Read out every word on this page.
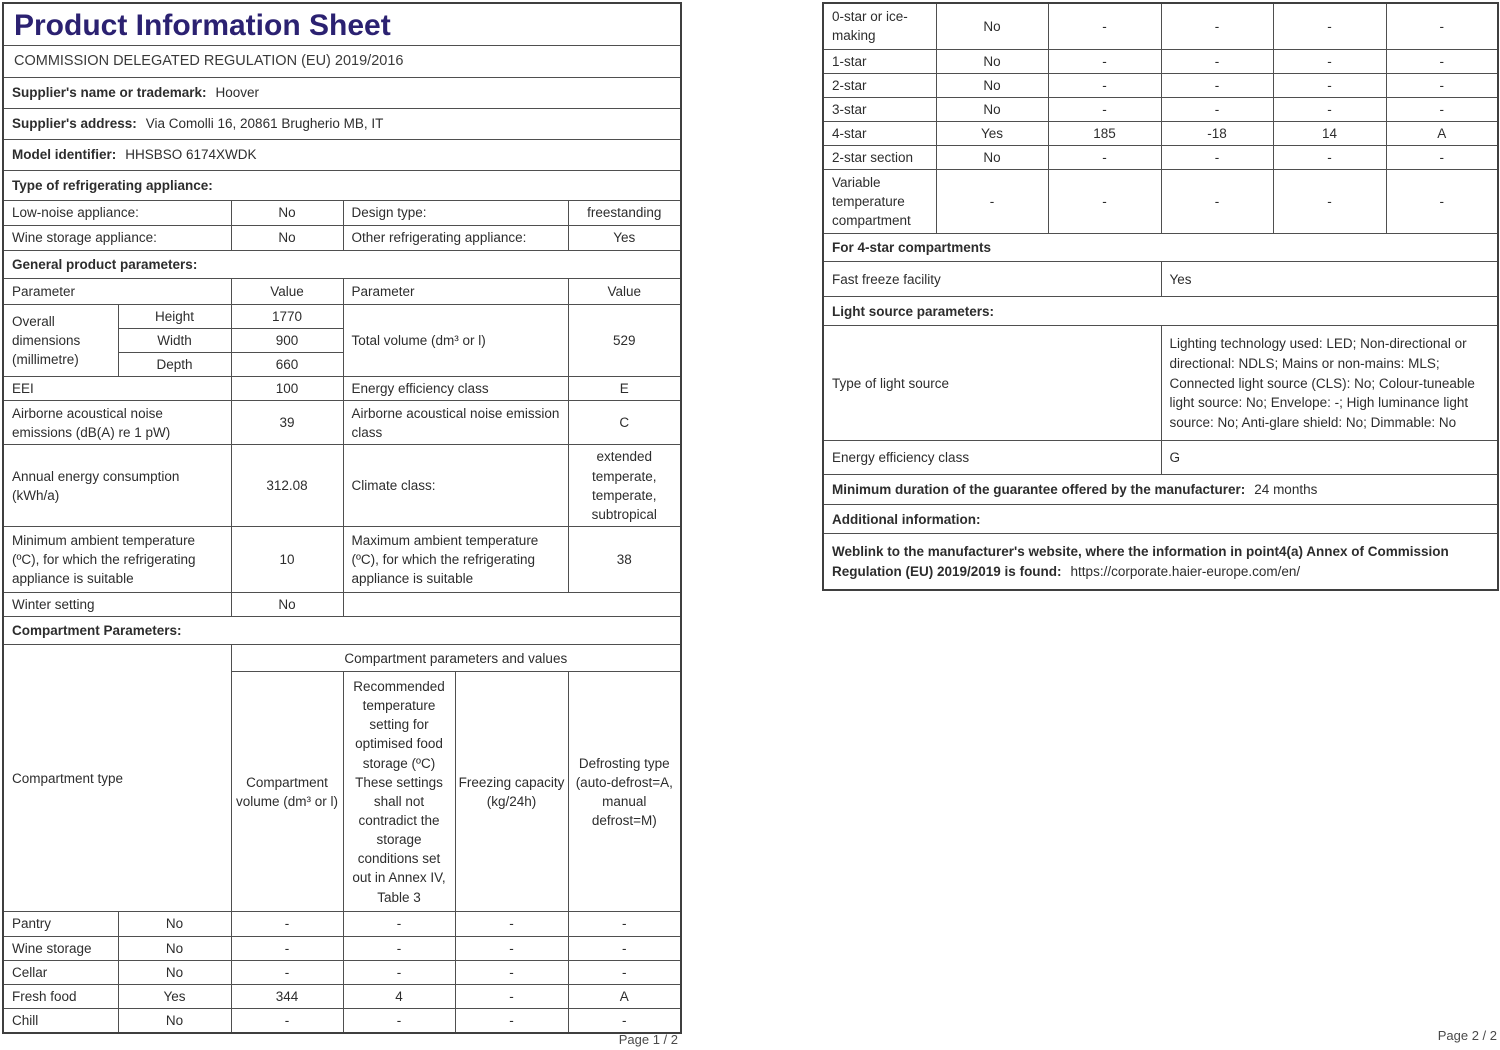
Product Information Sheet					

COMMISSION DELEGATED REGULATION (EU) 2019/2016					
Supplier's name or trademark: Hoover					
Supplier's address: Via Comolli 16, 20861 Brugherio MB, IT					
Model identifier: HHSBSO 6174XWDK					
Type of refrigerating appliance:					
Low-noise appliance:		No	Design type:		freestanding
Wine storage appliance:		No	Other refrigerating appliance:		Yes
General product parameters:					
Parameter		Value	Parameter		Value
Overall dimensions (millimetre)	Height	1770	Total volume (dm³ or l)		529
	Width	900			
	Depth	660			
EEI		100	Energy efficiency class		E
Airborne acoustical noise emissions (dB(A) re 1 pW)		39	Airborne acoustical noise emission class		C
Annual energy consumption (kWh/a)		312.08	Climate class:		extended temperate, temperate, subtropical
Minimum ambient temperature (ºC), for which the refrigerating appliance is suitable		10	Maximum ambient temperature (ºC), for which the refrigerating appliance is suitable		38
Winter setting		No			
Compartment Parameters:					
Compartment type		Compartment parameters and values			
		Compartment volume (dm³ or l)	Recommended temperature setting for optimised food storage (ºC) These settings shall not contradict the storage conditions set out in Annex IV, Table 3	Freezing capacity (kg/24h)	Defrosting type (auto-defrost=A, manual defrost=M)
Pantry	No	-	-	-	-
Wine storage	No	-	-	-	-
Cellar	No	-	-	-	-
Fresh food	Yes	344	4	-	A
Chill	No	-	-	-	-
Page 1 / 2
0-star or ice-making	No	-	-	-	-
1-star	No	-	-	-	-
2-star	No	-	-	-	-
3-star	No	-	-	-	-
4-star	Yes	185	-18	14	A
2-star section	No	-	-	-	-
Variable temperature compartment	-	-	-	-	-
For 4-star compartments					
Fast freeze facility			Yes		
Light source parameters:					
Type of light source			Lighting technology used: LED; Non-directional or directional: NDLS; Mains or non-mains: MLS; Connected light source (CLS): No; Colour-tuneable light source: No; Envelope: -; High luminance light source: No; Anti-glare shield: No; Dimmable: No		
Energy efficiency class			G		
Minimum duration of the guarantee offered by the manufacturer: 24 months					
Additional information:					
Weblink to the manufacturer's website, where the information in point4(a) Annex of Commission Regulation (EU) 2019/2019 is found: https://corporate.haier-europe.com/en/					
Page 2 / 2
